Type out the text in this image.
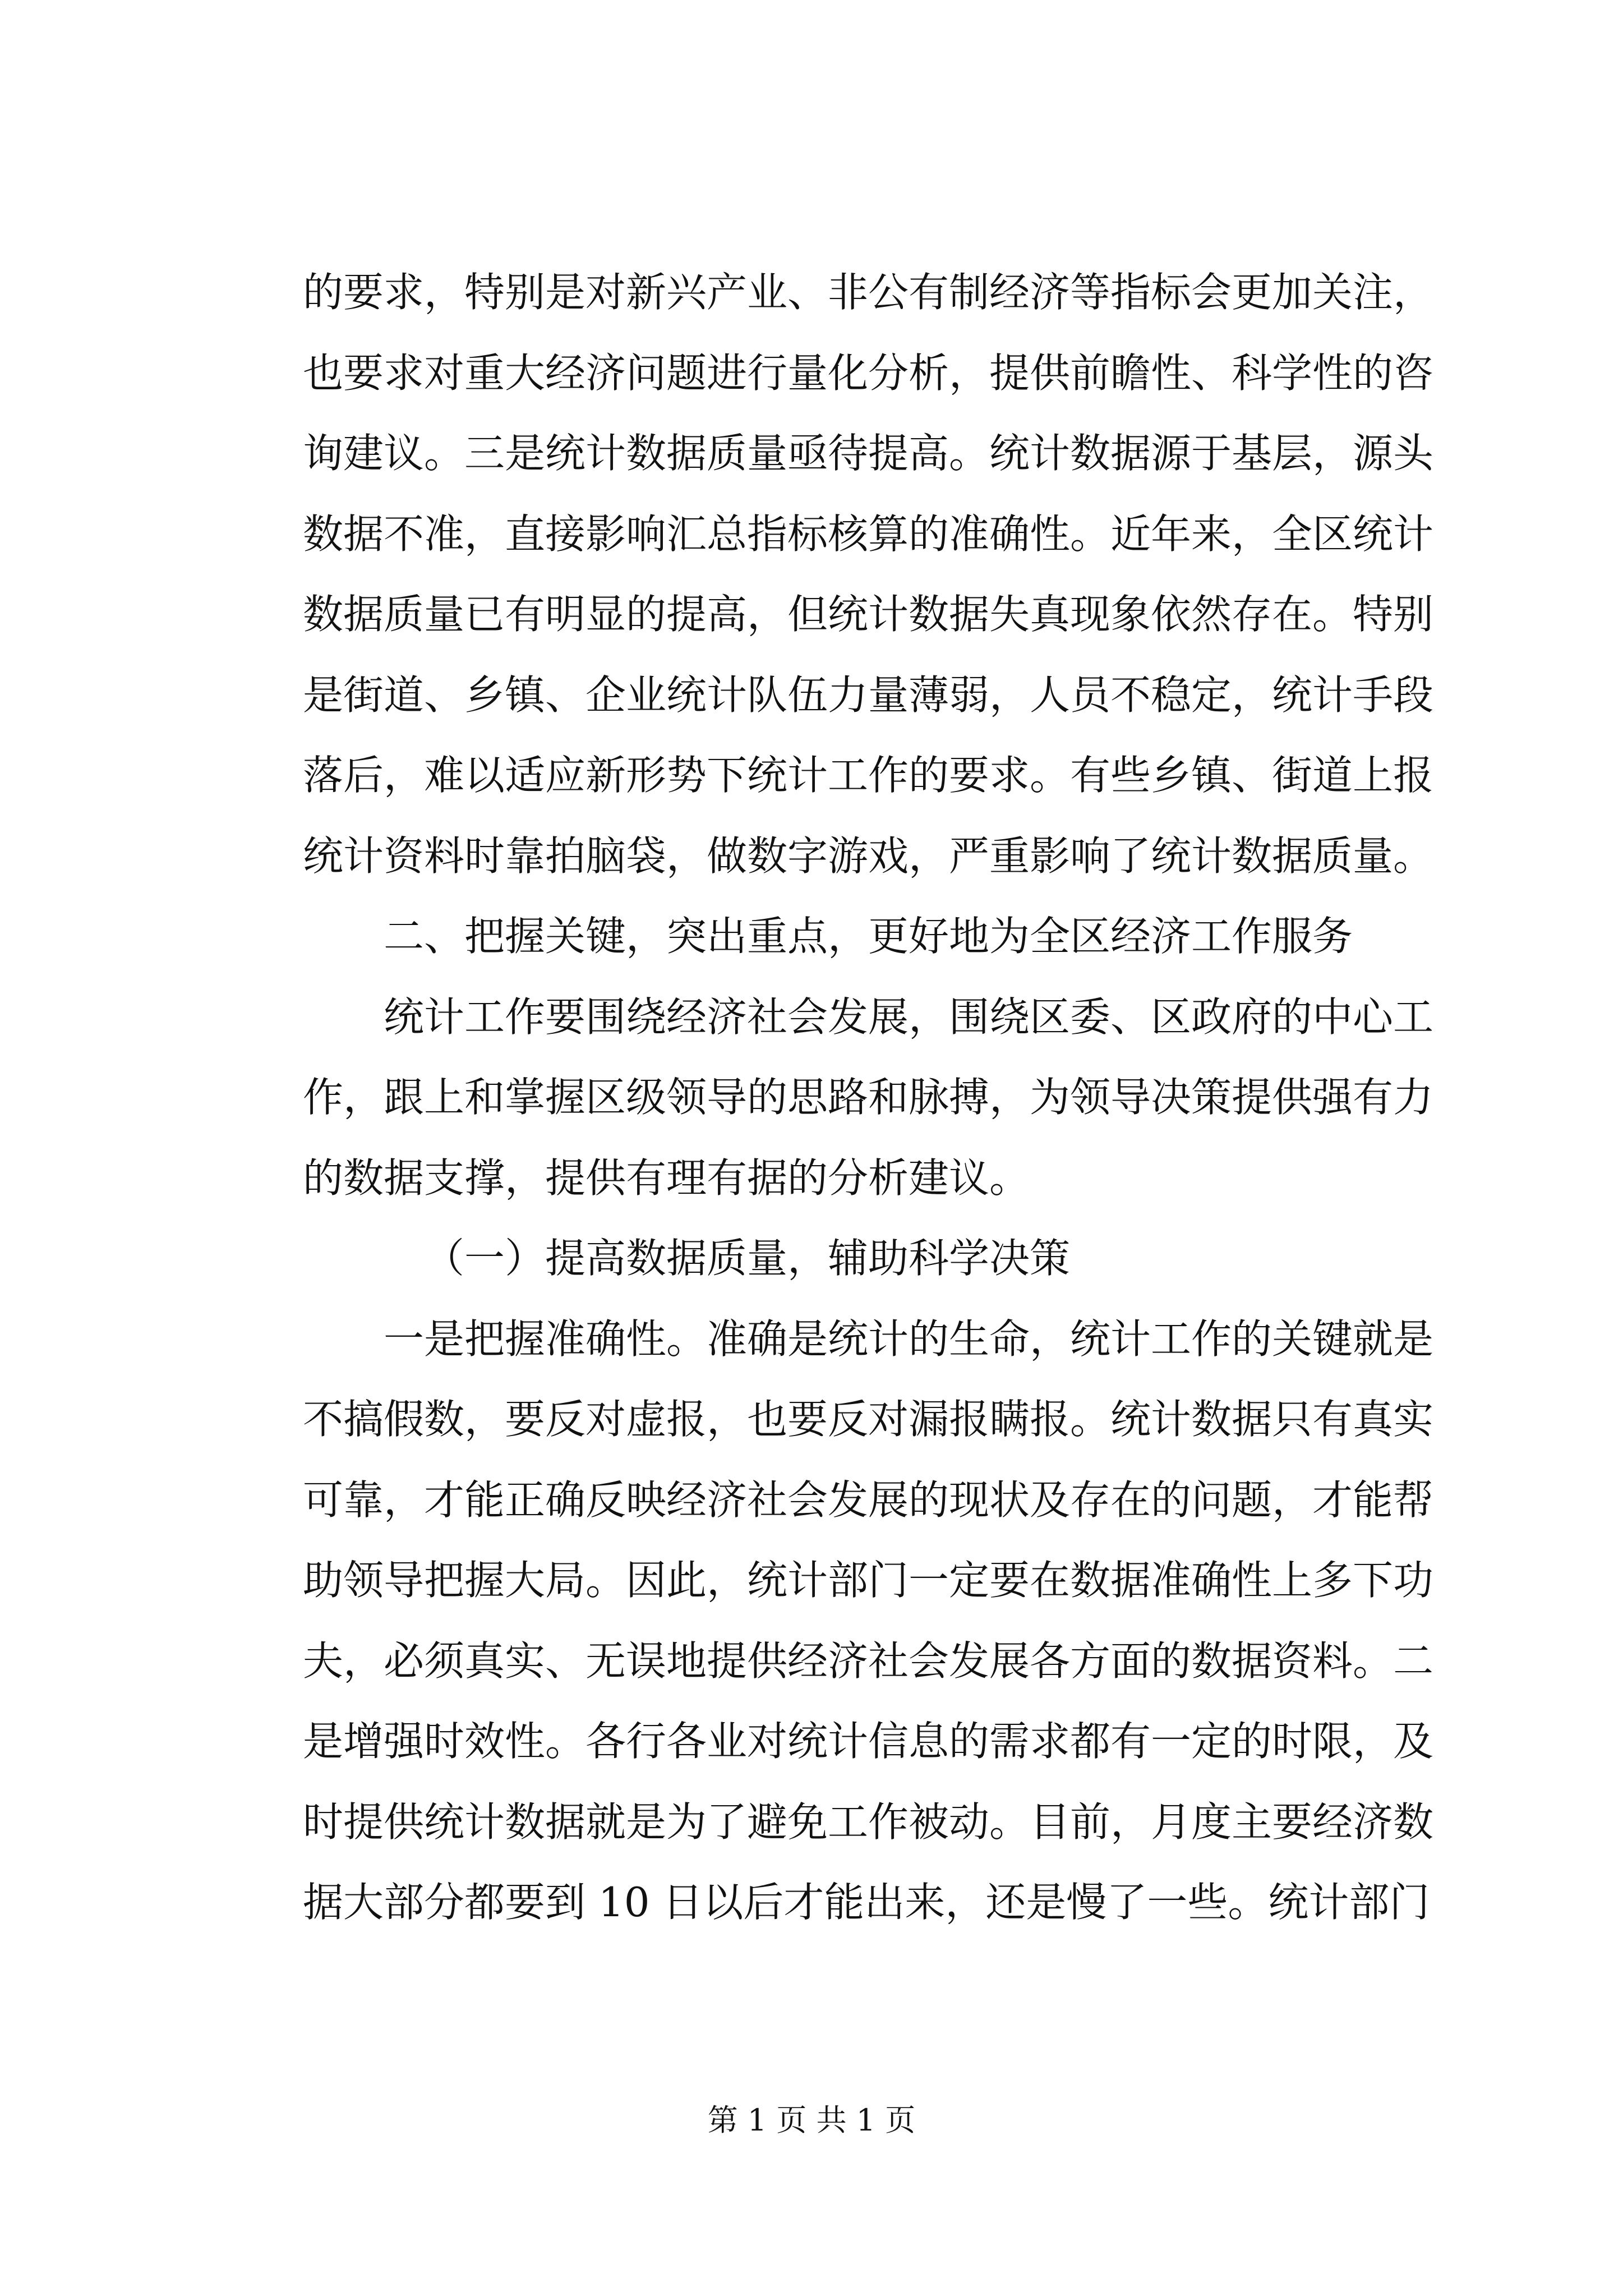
的要求，特别是对新兴产业、非公有制经济等指标会更加关注，
也要求对重大经济问题进行量化分析，提供前瞻性、科学性的咨
询建议。三是统计数据质量亟待提高。统计数据源于基层，源头
数据不准，直接影响汇总指标核算的准确性。近年来，全区统计
数据质量已有明显的提高，但统计数据失真现象依然存在。特别
是街道、乡镇、企业统计队伍力量薄弱，人员不稳定，统计手段
落后，难以适应新形势下统计工作的要求。有些乡镇、街道上报
统计资料时靠拍脑袋，做数字游戏，严重影响了统计数据质量。
二、把握关键，突出重点，更好地为全区经济工作服务
统计工作要围绕经济社会发展，围绕区委、区政府的中心工
作，跟上和掌握区级领导的思路和脉搏，为领导决策提供强有力
的数据支撑，提供有理有据的分析建议。
（一）提高数据质量，辅助科学决策
一是把握准确性。准确是统计的生命，统计工作的关键就是
不搞假数，要反对虚报，也要反对漏报瞒报。统计数据只有真实
可靠，才能正确反映经济社会发展的现状及存在的问题，才能帮
助领导把握大局。因此，统计部门一定要在数据准确性上多下功
夫，必须真实、无误地提供经济社会发展各方面的数据资料。二
是增强时效性。各行各业对统计信息的需求都有一定的时限，及
时提供统计数据就是为了避免工作被动。目前，月度主要经济数
据大部分都要到 10 日以后才能出来，还是慢了一些。统计部门
第 1 页 共 1 页
